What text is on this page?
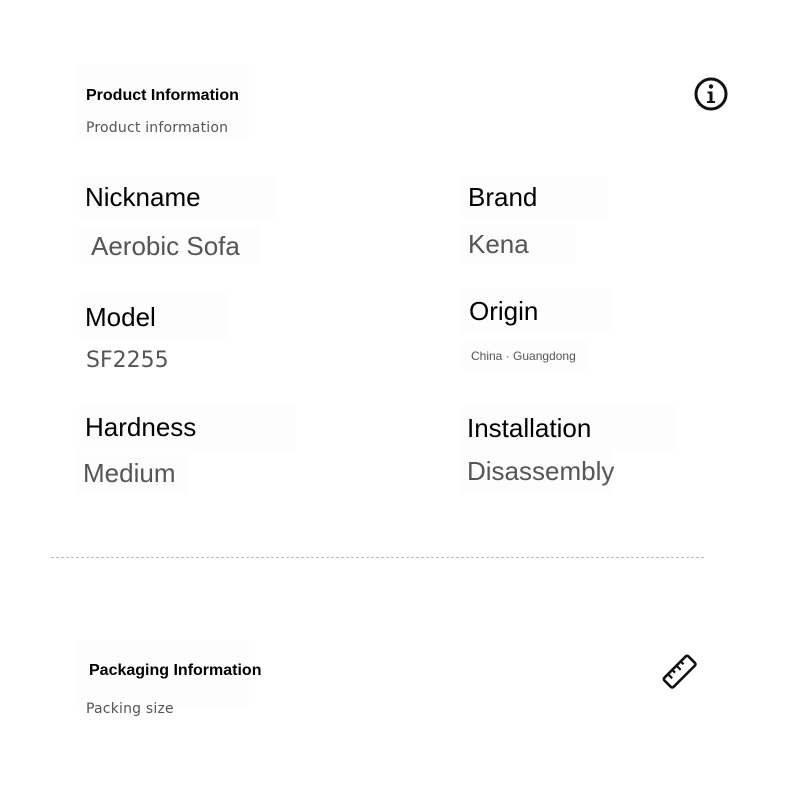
Product Information
Product information
Nickname
Aerobic Sofa
Brand
Kena
Model
SF2255
Origin
China · Guangdong
Hardness
Medium
Installation
Disassembly
Packaging Information
Packing size
